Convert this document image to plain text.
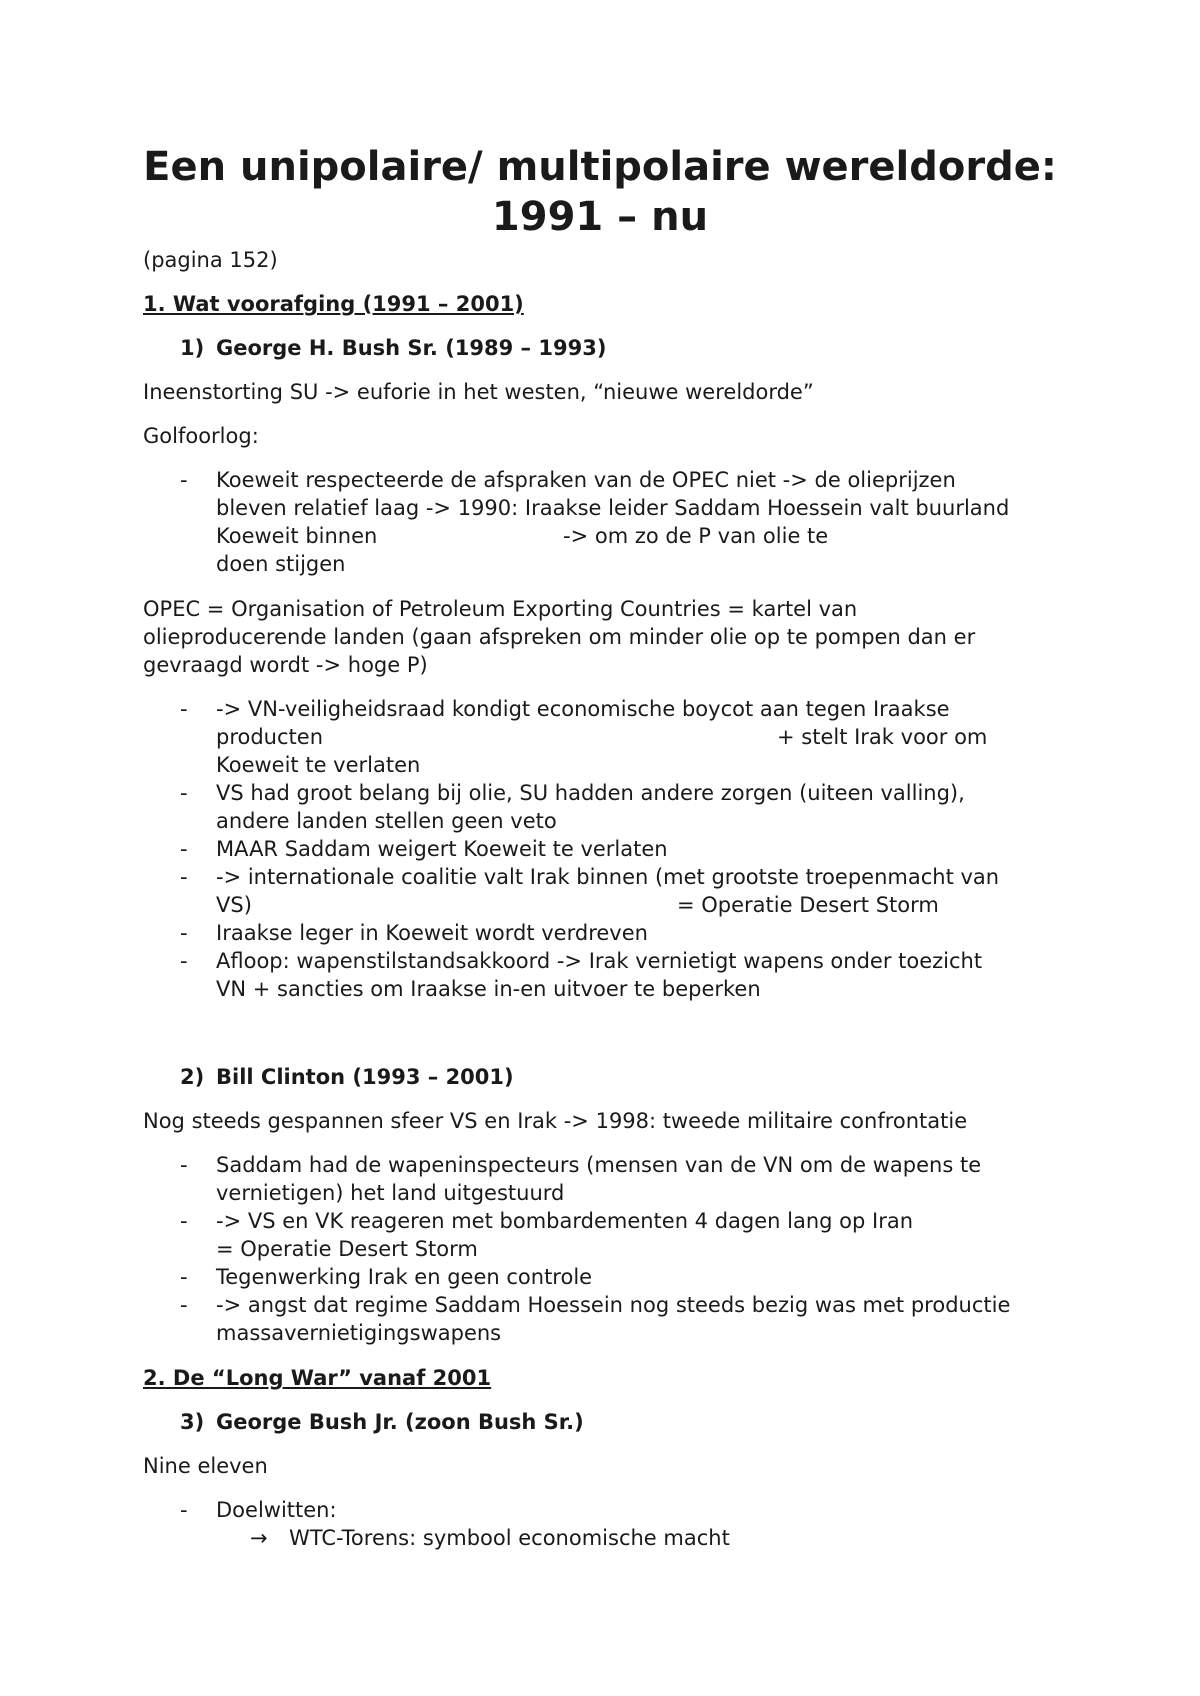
Een unipolaire/ multipolaire wereldorde:
1991 – nu

(pagina 152)

1. Wat voorafging (1991 – 2001)

1) George H. Bush Sr. (1989 – 1993)

Ineenstorting SU -> euforie in het westen, “nieuwe wereldorde”

Golfoorlog:

- Koeweit respecteerde de afspraken van de OPEC niet -> de olieprijzen
bleven relatief laag -> 1990: Iraakse leider Saddam Hoessein valt buurland
Koeweit binnen	-> om zo de P van olie te
doen stijgen

OPEC = Organisation of Petroleum Exporting Countries = kartel van
olieproducerende landen (gaan afspreken om minder olie op te pompen dan er
gevraagd wordt -> hoge P)

- -> VN-veiligheidsraad kondigt economische boycot aan tegen Iraakse
producten	+ stelt Irak voor om
Koeweit te verlaten
- VS had groot belang bij olie, SU hadden andere zorgen (uiteen valling),
andere landen stellen geen veto
- MAAR Saddam weigert Koeweit te verlaten
- -> internationale coalitie valt Irak binnen (met grootste troepenmacht van
VS)	= Operatie Desert Storm
- Iraakse leger in Koeweit wordt verdreven
- Afloop: wapenstilstandsakkoord -> Irak vernietigt wapens onder toezicht
VN + sancties om Iraakse in-en uitvoer te beperken

2) Bill Clinton (1993 – 2001)

Nog steeds gespannen sfeer VS en Irak -> 1998: tweede militaire confrontatie

- Saddam had de wapeninspecteurs (mensen van de VN om de wapens te
vernietigen) het land uitgestuurd
- -> VS en VK reageren met bombardementen 4 dagen lang op Iran
= Operatie Desert Storm
- Tegenwerking Irak en geen controle
- -> angst dat regime Saddam Hoessein nog steeds bezig was met productie
massavernietigingswapens

2. De “Long War” vanaf 2001

3) George Bush Jr. (zoon Bush Sr.)

Nine eleven

- Doelwitten:

→ WTC-Torens: symbool economische macht
